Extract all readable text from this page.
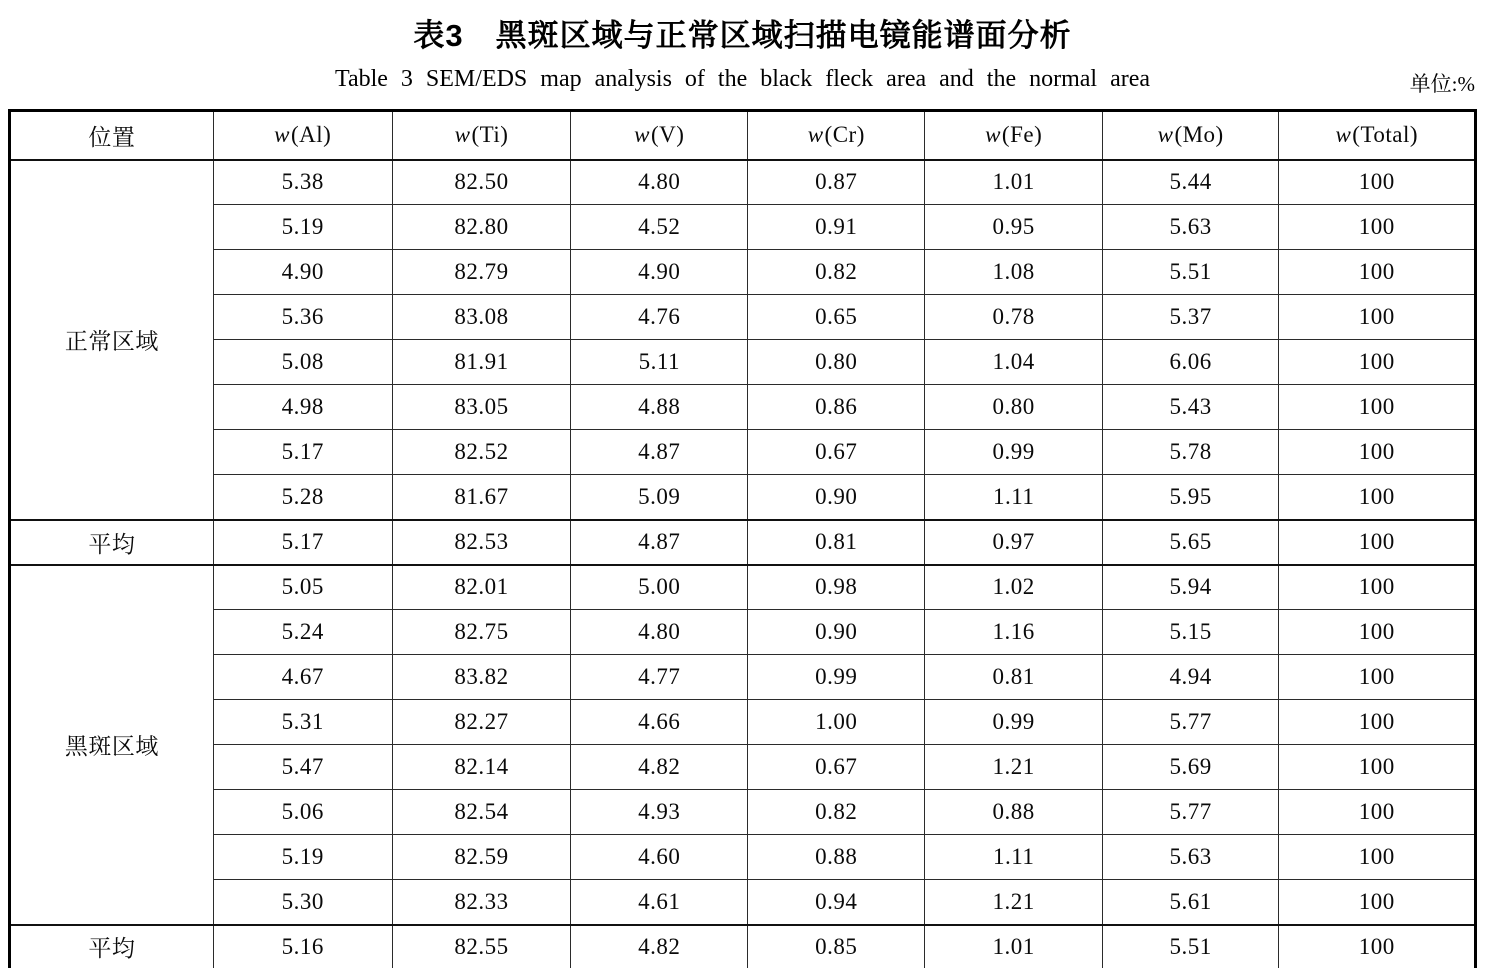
表3　黑斑区域与正常区域扫描电镜能谱面分析
Table 3 SEM/EDS map analysis of the black fleck area and the normal area	单位:%
位置	w(Al)	w(Ti)	w(V)	w(Cr)	w(Fe)	w(Mo)	w(Total)
正常区域	5.38	82.50	4.80	0.87	1.01	5.44	100
	5.19	82.80	4.52	0.91	0.95	5.63	100
	4.90	82.79	4.90	0.82	1.08	5.51	100
	5.36	83.08	4.76	0.65	0.78	5.37	100
	5.08	81.91	5.11	0.80	1.04	6.06	100
	4.98	83.05	4.88	0.86	0.80	5.43	100
	5.17	82.52	4.87	0.67	0.99	5.78	100
	5.28	81.67	5.09	0.90	1.11	5.95	100
平均	5.17	82.53	4.87	0.81	0.97	5.65	100
黑斑区域	5.05	82.01	5.00	0.98	1.02	5.94	100
	5.24	82.75	4.80	0.90	1.16	5.15	100
	4.67	83.82	4.77	0.99	0.81	4.94	100
	5.31	82.27	4.66	1.00	0.99	5.77	100
	5.47	82.14	4.82	0.67	1.21	5.69	100
	5.06	82.54	4.93	0.82	0.88	5.77	100
	5.19	82.59	4.60	0.88	1.11	5.63	100
	5.30	82.33	4.61	0.94	1.21	5.61	100
平均	5.16	82.55	4.82	0.85	1.01	5.51	100
